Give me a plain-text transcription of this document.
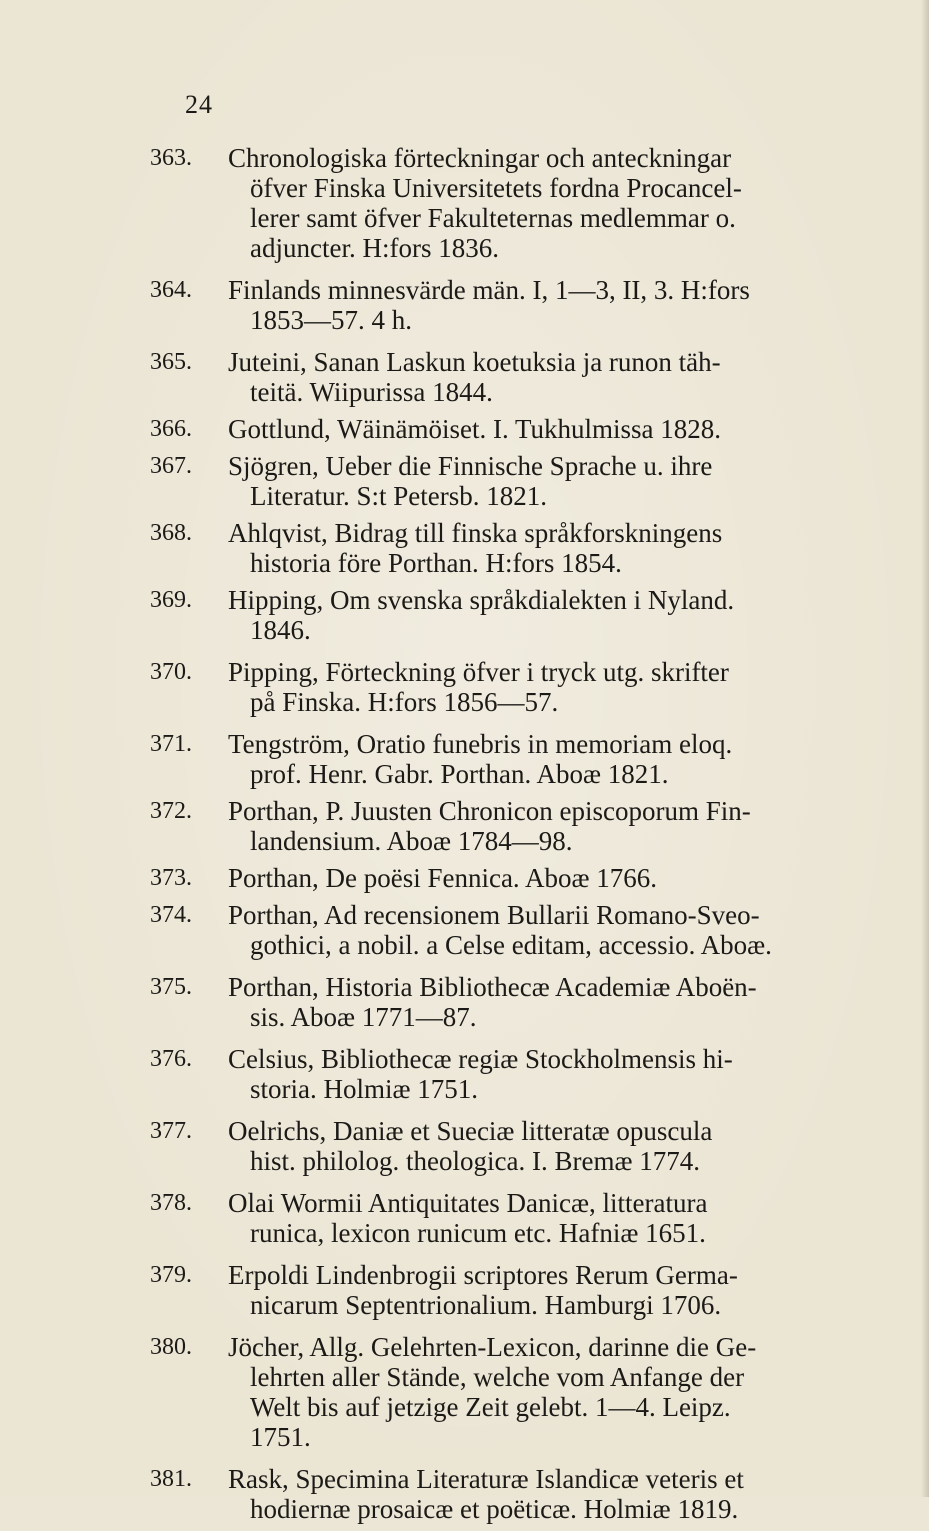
24
363.	Chronologiska förteckningar och anteckningar
öfver Finska Universitetets fordna Procancel-
lerer samt öfver Fakulteternas medlemmar o.
adjuncter. H:fors 1836.
364.	Finlands minnesvärde män. I, 1—3, II, 3. H:fors
1853—57. 4 h.
365.	Juteini, Sanan Laskun koetuksia ja runon täh-
teitä. Wiipurissa 1844.
366.	Gottlund, Wäinämöiset. I. Tukhulmissa 1828.
367.	Sjögren, Ueber die Finnische Sprache u. ihre
Literatur. S:t Petersb. 1821.
368.	Ahlqvist, Bidrag till finska språkforskningens
historia före Porthan. H:fors 1854.
369.	Hipping, Om svenska språkdialekten i Nyland.
1846.
370.	Pipping, Förteckning öfver i tryck utg. skrifter
på Finska. H:fors 1856—57.
371.	Tengström, Oratio funebris in memoriam eloq.
prof. Henr. Gabr. Porthan. Aboæ 1821.
372.	Porthan, P. Juusten Chronicon episcoporum Fin-
landensium. Aboæ 1784—98.
373.	Porthan, De poësi Fennica. Aboæ 1766.
374.	Porthan, Ad recensionem Bullarii Romano-Sveo-
gothici, a nobil. a Celse editam, accessio. Aboæ.
375.	Porthan, Historia Bibliothecæ Academiæ Aboën-
sis. Aboæ 1771—87.
376.	Celsius, Bibliothecæ regiæ Stockholmensis hi-
storia. Holmiæ 1751.
377.	Oelrichs, Daniæ et Sueciæ litteratæ opuscula
hist. philolog. theologica. I. Bremæ 1774.
378.	Olai Wormii Antiquitates Danicæ, litteratura
runica, lexicon runicum etc. Hafniæ 1651.
379.	Erpoldi Lindenbrogii scriptores Rerum Germa-
nicarum Septentrionalium. Hamburgi 1706.
380.	Jöcher, Allg. Gelehrten-Lexicon, darinne die Ge-
lehrten aller Stände, welche vom Anfange der
Welt bis auf jetzige Zeit gelebt. 1—4. Leipz.
1751.
381.	Rask, Specimina Literaturæ Islandicæ veteris et
hodiernæ prosaicæ et poëticæ. Holmiæ 1819.
